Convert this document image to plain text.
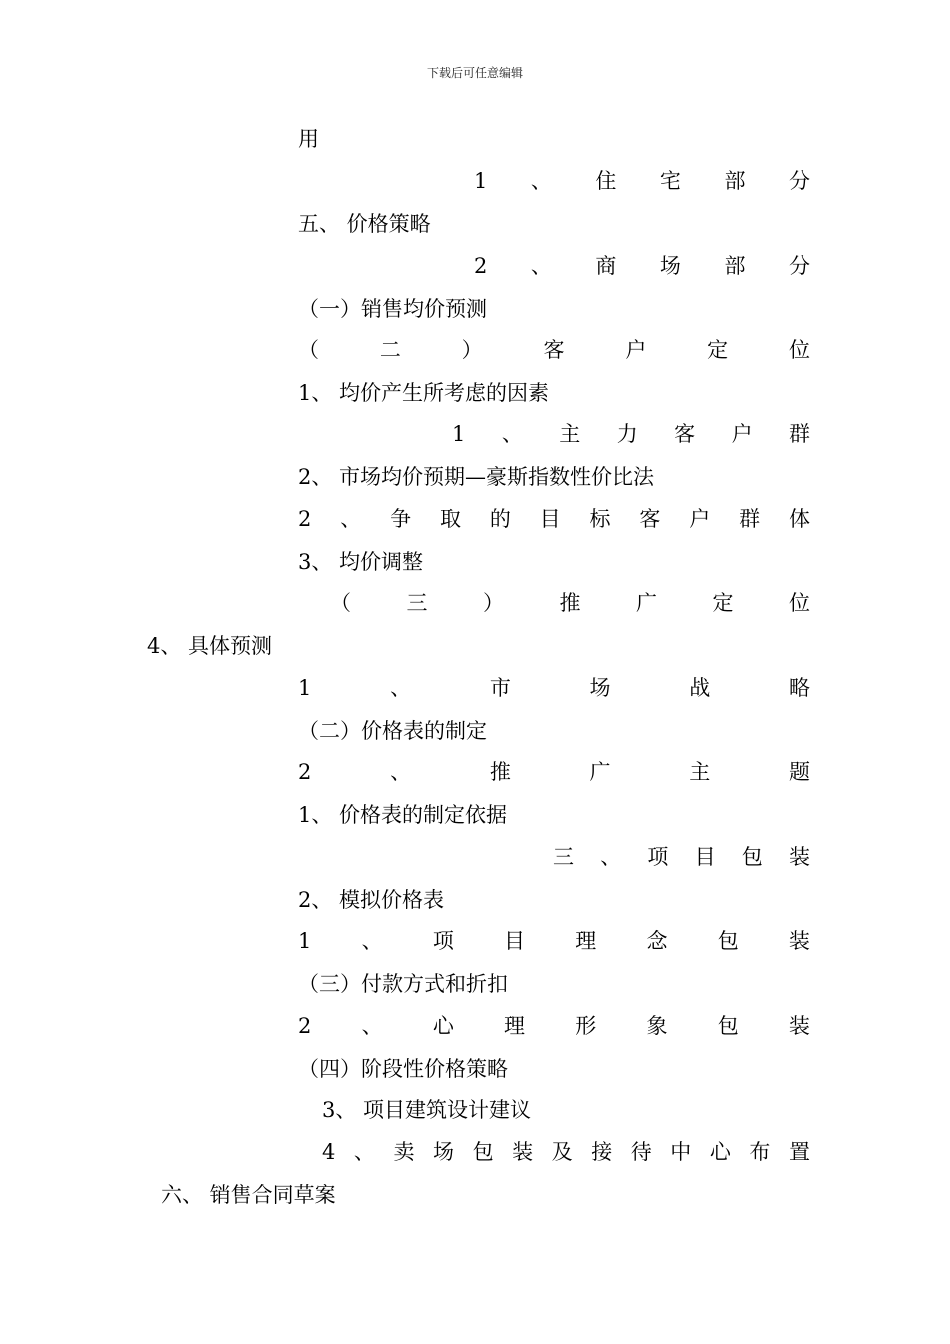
下载后可任意编辑
用
1 、 住 宅 部 分
五、 价格策略
2 、 商 场 部 分
（一）销售均价预测
（	二	）	客	户	定	位
1、 均价产生所考虑的因素
1 、 主 力 客 户 群
2、 市场均价预期—豪斯指数性价比法
2 、 争 取 的 目 标 客 户 群 体
3、 均价调整
（	三	）	推	广	定	位
4、 具体预测
1	、	市	场	战	略
（二）价格表的制定
2	、	推	广	主	题
1、 价格表的制定依据
三 、 项 目 包 装
2、 模拟价格表
1 、 项 目 理 念 包 装
（三）付款方式和折扣
2 、 心 理 形 象 包 装
（四）阶段性价格策略
3、 项目建筑设计建议
4 、 卖 场 包 装 及 接 待 中 心 布 置
六、 销售合同草案
